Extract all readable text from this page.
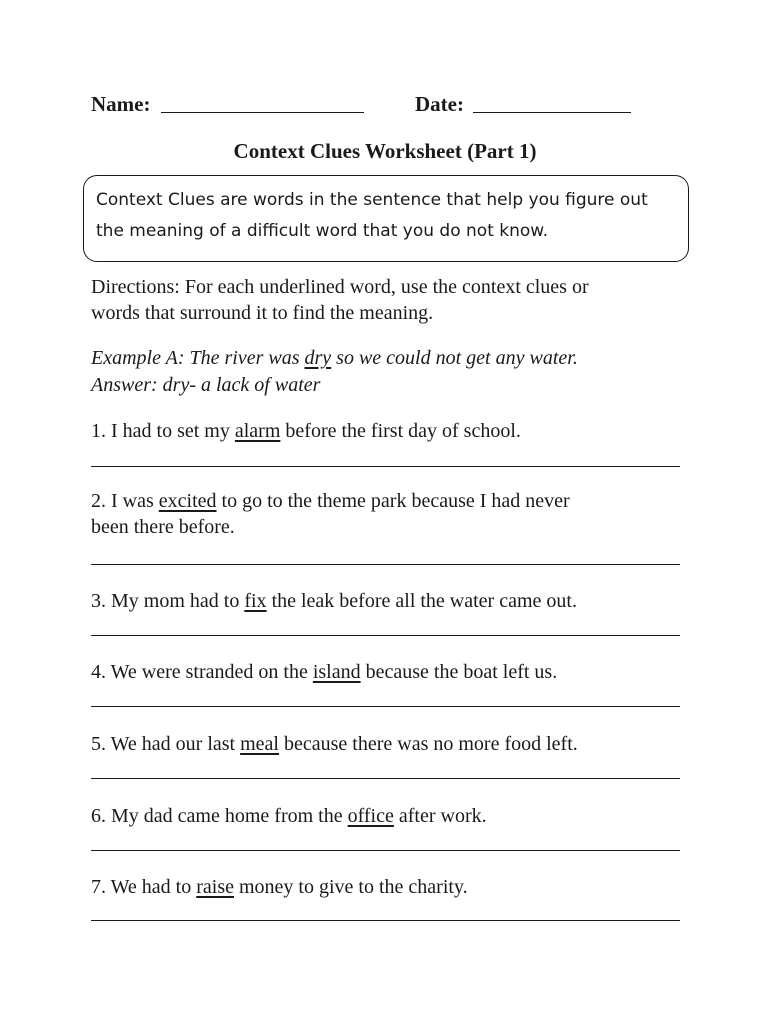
Name:	Date:
Context Clues Worksheet (Part 1)
Context Clues are words in the sentence that help you figure out
the meaning of a difficult word that you do not know.
Directions: For each underlined word, use the context clues or
words that surround it to find the meaning.
Example A: The river was dry so we could not get any water.
Answer: dry- a lack of water
1. I had to set my alarm before the first day of school.
2. I was excited to go to the theme park because I had never
been there before.
3. My mom had to fix the leak before all the water came out.
4. We were stranded on the island because the boat left us.
5. We had our last meal because there was no more food left.
6. My dad came home from the office after work.
7. We had to raise money to give to the charity.
